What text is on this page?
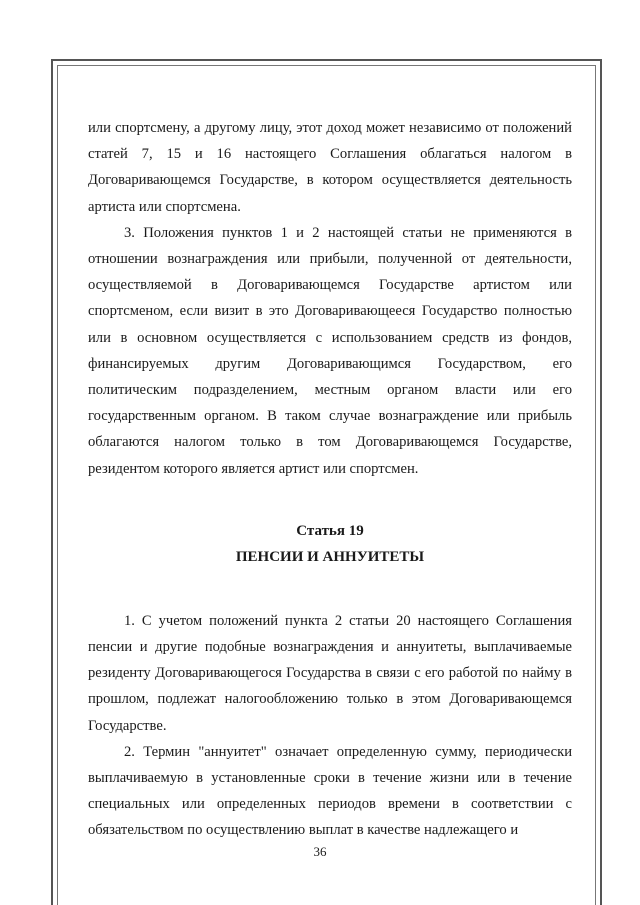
или спортсмену, а другому лицу, этот доход может независимо от положений статей 7, 15 и 16 настоящего Соглашения облагаться налогом в Договаривающемся Государстве, в котором осуществляется деятельность артиста или спортсмена.

3. Положения пунктов 1 и 2 настоящей статьи не применяются в отношении вознаграждения или прибыли, полученной от деятельности, осуществляемой в Договаривающемся Государстве артистом или спортсменом, если визит в это Договаривающееся Государство полностью или в основном осуществляется с использованием средств из фондов, финансируемых другим Договаривающимся Государством, его политическим подразделением, местным органом власти или его государственным органом. В таком случае вознаграждение или прибыль облагаются налогом только в том Договаривающемся Государстве, резидентом которого является артист или спортсмен.

Статья 19
ПЕНСИИ И АННУИТЕТЫ

1. С учетом положений пункта 2 статьи 20 настоящего Соглашения пенсии и другие подобные вознаграждения и аннуитеты, выплачиваемые резиденту Договаривающегося Государства в связи с его работой по найму в прошлом, подлежат налогообложению только в этом Договаривающемся Государстве.

2. Термин "аннуитет" означает определенную сумму, периодически выплачиваемую в установленные сроки в течение жизни или в течение специальных или определенных периодов времени в соответствии с обязательством по осуществлению выплат в качестве надлежащего и

36
